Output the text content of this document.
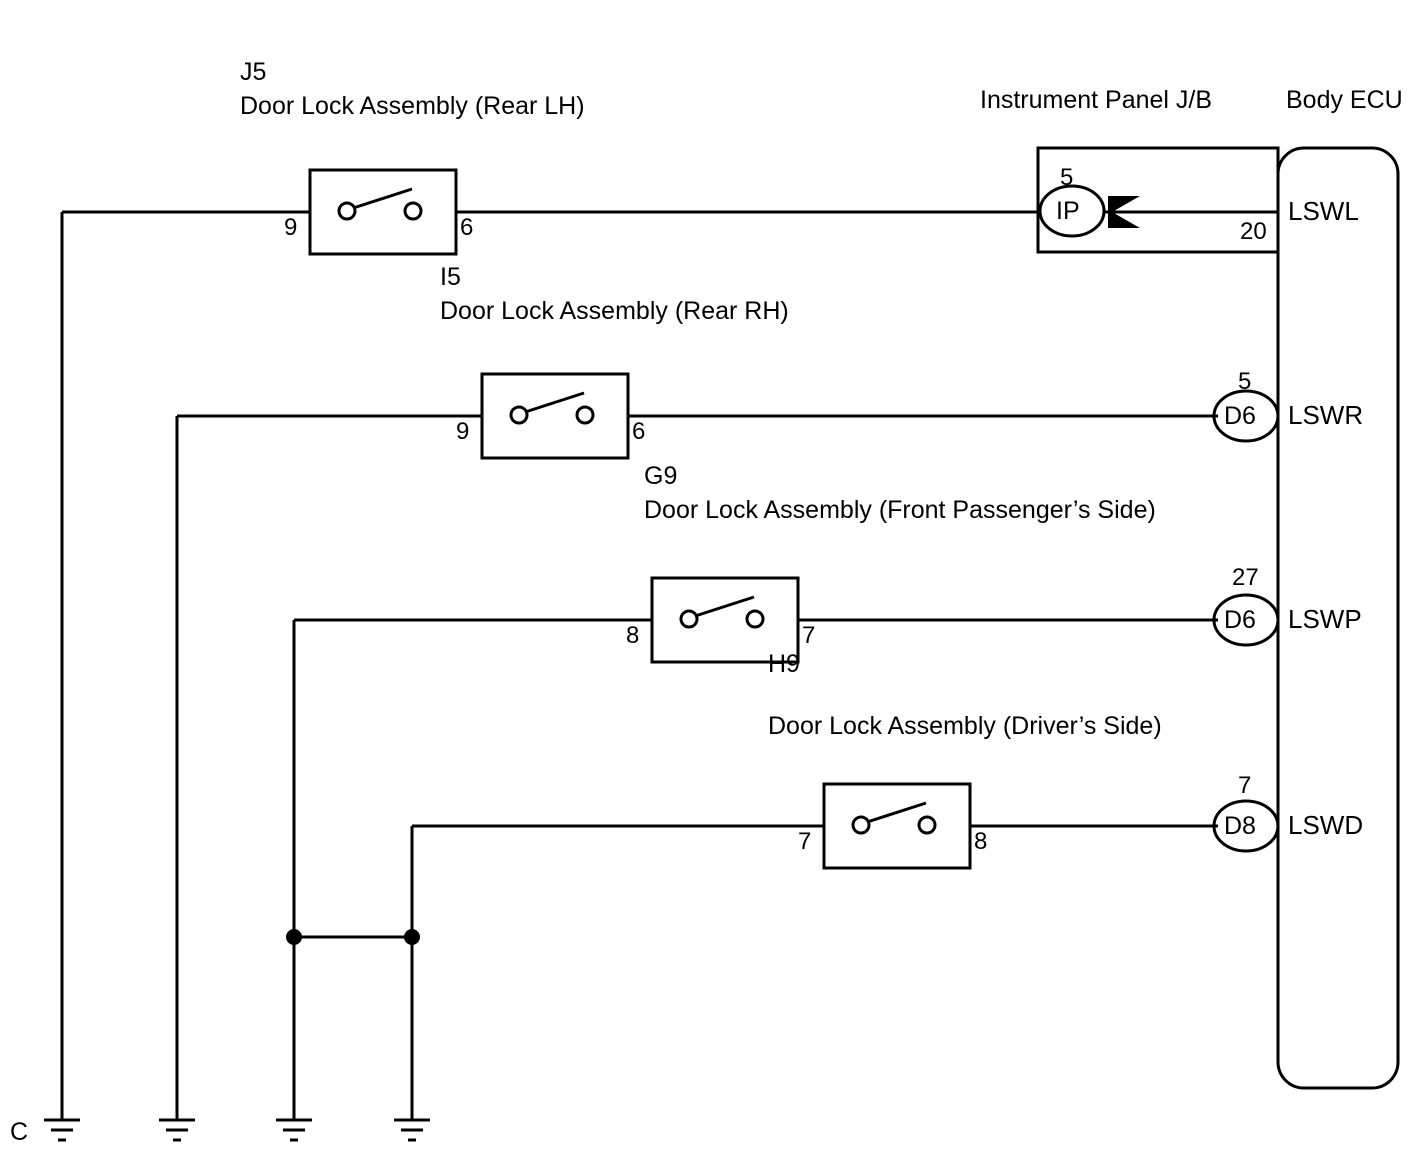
Instrument Panel J/B	Body ECU
J5
Door Lock Assembly (Rear LH)
9	6
I5
Door Lock Assembly (Rear RH)
9	6
G9
Door Lock Assembly (Front Passenger’s Side)
8	7
H9
Door Lock Assembly (Driver’s Side)
7	8
5
IP
20
LSWL
5
D6 LSWR
27
D6 LSWP
7
D8 LSWD
C
